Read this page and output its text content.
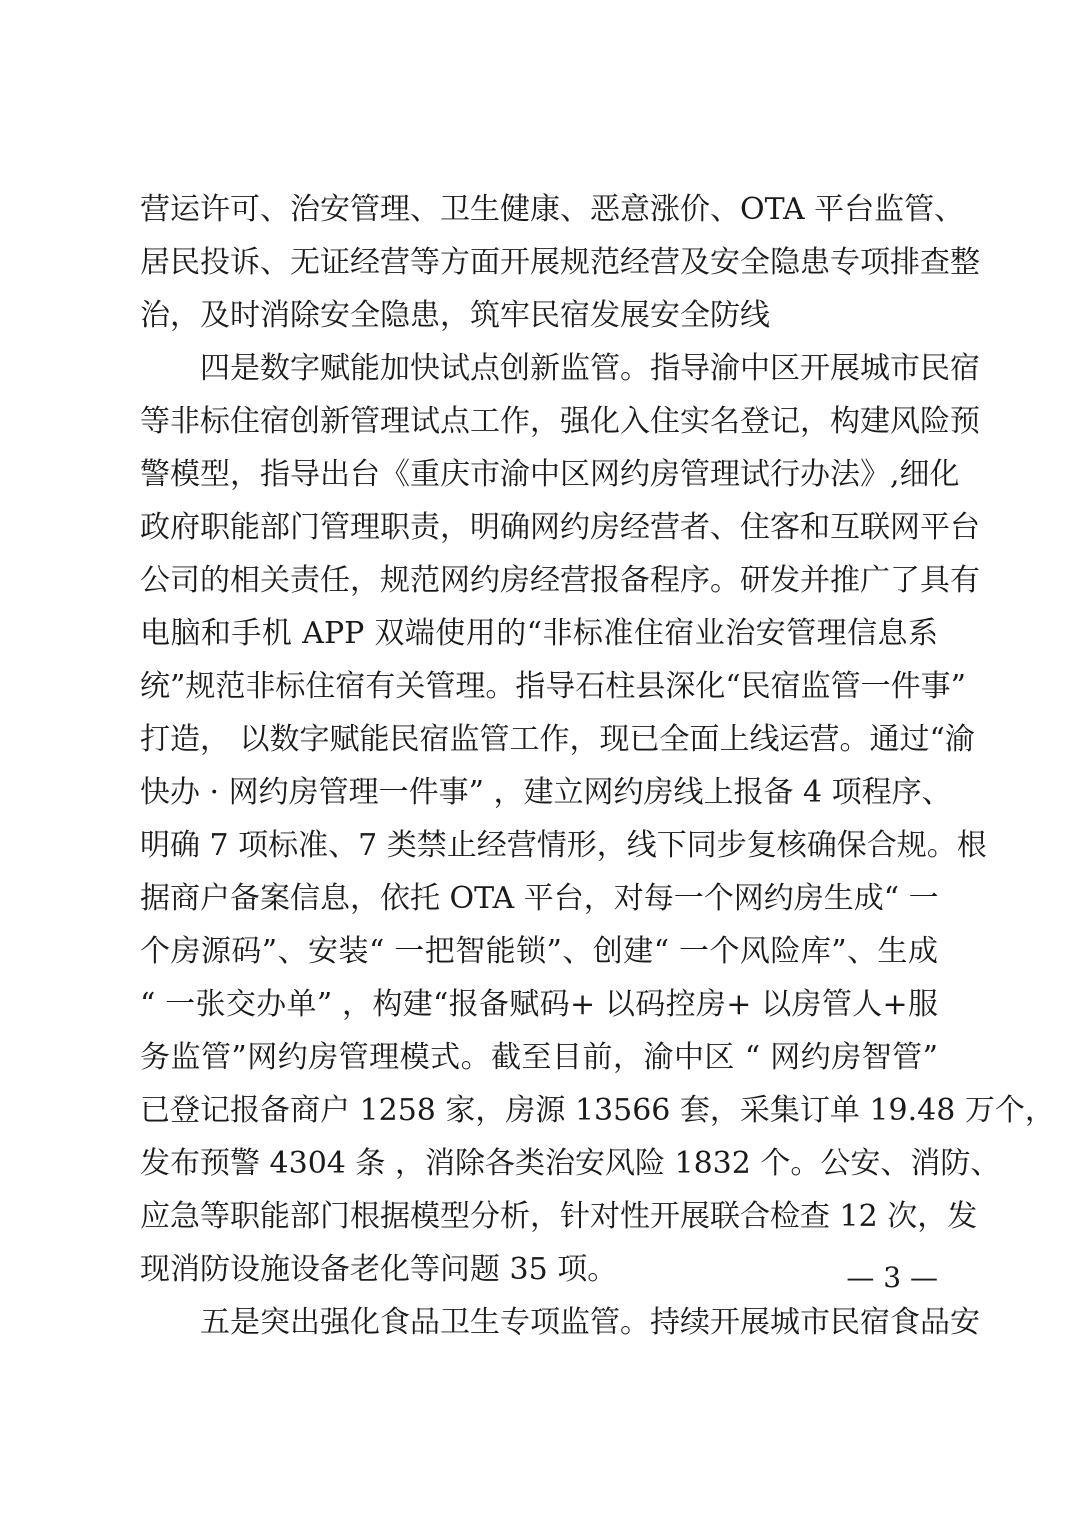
营运许可、治安管理、卫生健康、恶意涨价、OTA 平台监管、
居民投诉、无证经营等方面开展规范经营及安全隐患专项排查整
治，及时消除安全隐患，筑牢民宿发展安全防线
四是数字赋能加快试点创新监管。指导渝中区开展城市民宿
等非标住宿创新管理试点工作，强化入住实名登记，构建风险预
警模型，指导出台《重庆市渝中区网约房管理试行办法》,细化
政府职能部门管理职责，明确网约房经营者、住客和互联网平台
公司的相关责任，规范网约房经营报备程序。研发并推广了具有
电脑和手机 APP 双端使用的“非标准住宿业治安管理信息系
统”规范非标住宿有关管理。指导石柱县深化“民宿监管一件事”
打造， 以数字赋能民宿监管工作，现已全面上线运营。通过“渝
快办 · 网约房管理一件事” ，建立网约房线上报备 4 项程序、
明确 7 项标准、7 类禁止经营情形，线下同步复核确保合规。根
据商户备案信息，依托 OTA 平台，对每一个网约房生成“ 一
个房源码”、安装“ 一把智能锁”、创建“ 一个风险库”、生成
“ 一张交办单” ，构建“报备赋码+ 以码控房+ 以房管人+服
务监管”网约房管理模式。截至目前，渝中区 “ 网约房智管”
已登记报备商户 1258 家，房源 13566 套，采集订单 19.48 万个，
发布预警 4304 条 ，消除各类治安风险 1832 个。公安、消防、
应急等职能部门根据模型分析，针对性开展联合检查 12 次，发
现消防设施设备老化等问题 35 项。
五是突出强化食品卫生专项监管。持续开展城市民宿食品安
— 3 —
